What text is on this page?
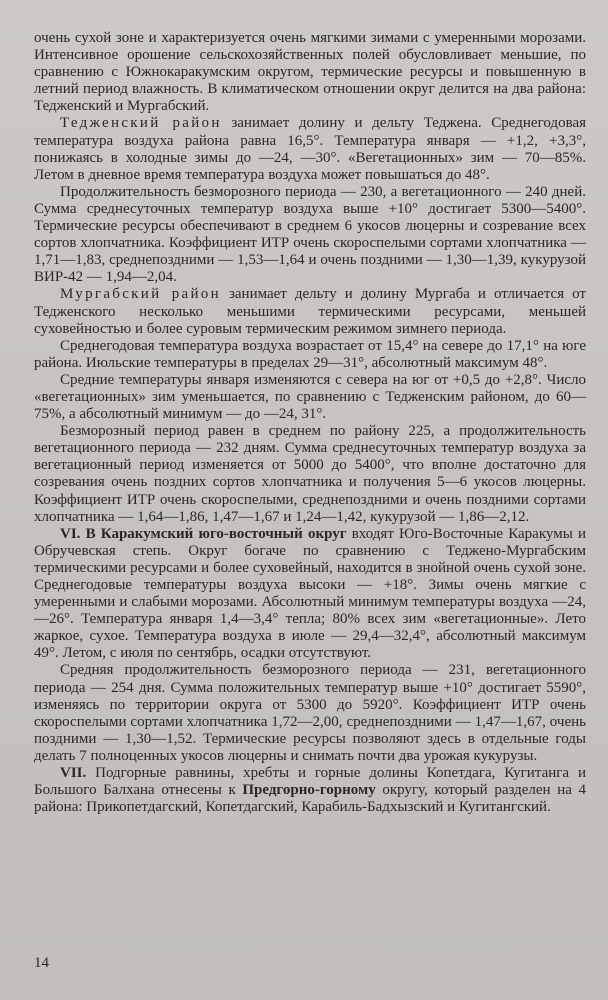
очень сухой зоне и характеризуется очень мягкими зимами с умеренными морозами. Интенсивное орошение сельскохозяйственных полей обусловливает меньшие, по сравнению с Южнокаракумским округом, термические ресурсы и повышенную в летний период влажность. В климатическом отношении округ делится на два района: Тедженский и Мургабский.

Тедженский район занимает долину и дельту Теджена. Среднегодовая температура воздуха района равна 16,5°. Температура января — +1,2, +3,3°, понижаясь в холодные зимы до —24, —30°. «Вегетационных» зим — 70—85%. Летом в дневное время температура воздуха может повышаться до 48°.

Продолжительность безморозного периода — 230, а вегетационного — 240 дней. Сумма среднесуточных температур воздуха выше +10° достигает 5300—5400°. Термические ресурсы обеспечивают в среднем 6 укосов люцерны и созревание всех сортов хлопчатника. Коэффициент ИТР очень скороспелыми сортами хлопчатника — 1,71—1,83, среднепоздними — 1,53—1,64 и очень поздними — 1,30—1,39, кукурузой ВИР-42 — 1,94—2,04.

Мургабский район занимает дельту и долину Мургаба и отличается от Тедженского несколько меньшими термическими ресурсами, меньшей суховейностью и более суровым термическим режимом зимнего периода.

Среднегодовая температура воздуха возрастает от 15,4° на севере до 17,1° на юге района. Июльские температуры в пределах 29—31°, абсолютный максимум 48°.

Средние температуры января изменяются с севера на юг от +0,5 до +2,8°. Число «вегетационных» зим уменьшается, по сравнению с Тедженским районом, до 60—75%, а абсолютный минимум — до —24, 31°.

Безморозный период равен в среднем по району 225, а продолжительность вегетационного периода — 232 дням. Сумма среднесуточных температур воздуха за вегетационный период изменяется от 5000 до 5400°, что вполне достаточно для созревания очень поздних сортов хлопчатника и получения 5—6 укосов люцерны. Коэффициент ИТР очень скороспелыми, среднепоздними и очень поздними сортами хлопчатника — 1,64—1,86, 1,47—1,67 и 1,24—1,42, кукурузой — 1,86—2,12.

VI. В Каракумский юго-восточный округ входят Юго-Восточные Каракумы и Обручевская степь. Округ богаче по сравнению с Теджено-Мургабским термическими ресурсами и более суховейный, находится в знойной очень сухой зоне. Среднегодовые температуры воздуха высоки — +18°. Зимы очень мягкие с умеренными и слабыми морозами. Абсолютный минимум температуры воздуха —24, —26°. Температура января 1,4—3,4° тепла; 80% всех зим «вегетационные». Лето жаркое, сухое. Температура воздуха в июле — 29,4—32,4°, абсолютный максимум 49°. Летом, с июля по сентябрь, осадки отсутствуют.

Средняя продолжительность безморозного периода — 231, вегетационного периода — 254 дня. Сумма положительных температур выше +10° достигает 5590°, изменяясь по территории округа от 5300 до 5920°. Коэффициент ИТР очень скороспелыми сортами хлопчатника 1,72—2,00, среднепоздними — 1,47—1,67, очень поздними — 1,30—1,52. Термические ресурсы позволяют здесь в отдельные годы делать 7 полноценных укосов люцерны и снимать почти два урожая кукурузы.

VII. Подгорные равнины, хребты и горные долины Копетдага, Кугитанга и Большого Балхана отнесены к Предгорно-горному округу, который разделен на 4 района: Прикопетдагский, Копетдагский, Карабиль-Бадхызский и Кугитангский.

14
